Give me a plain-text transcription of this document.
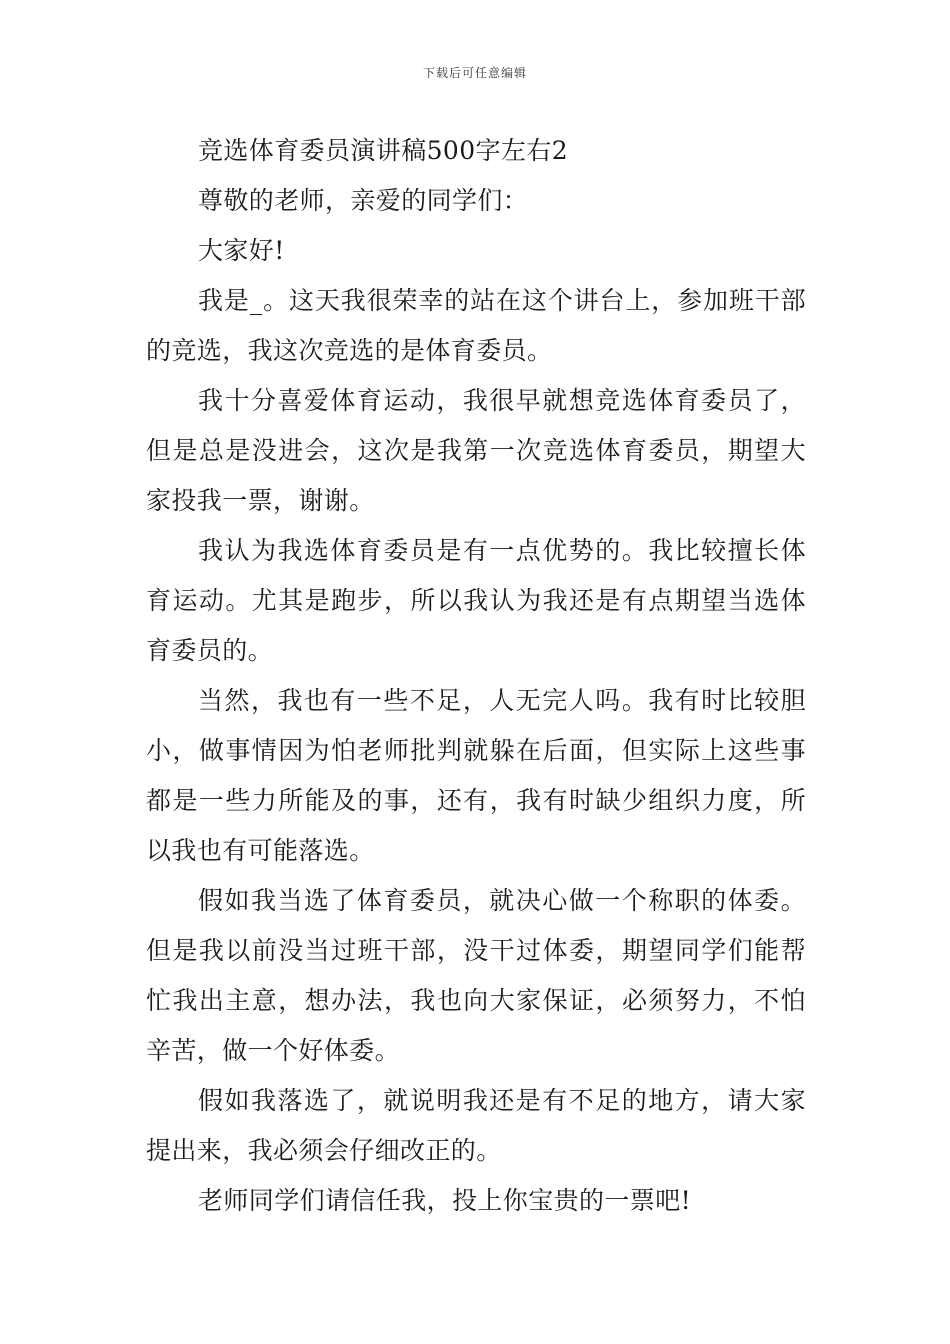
下载后可任意编辑

竞选体育委员演讲稿500字左右2

尊敬的老师，亲爱的同学们：

大家好!

我是_。这天我很荣幸的站在这个讲台上，参加班干部的竞选，我这次竞选的是体育委员。

我十分喜爱体育运动，我很早就想竞选体育委员了，但是总是没进会，这次是我第一次竞选体育委员，期望大家投我一票，谢谢。

我认为我选体育委员是有一点优势的。我比较擅长体育运动。尤其是跑步，所以我认为我还是有点期望当选体育委员的。

当然，我也有一些不足，人无完人吗。我有时比较胆小，做事情因为怕老师批判就躲在后面，但实际上这些事都是一些力所能及的事，还有，我有时缺少组织力度，所以我也有可能落选。

假如我当选了体育委员，就决心做一个称职的体委。但是我以前没当过班干部，没干过体委，期望同学们能帮忙我出主意，想办法，我也向大家保证，必须努力，不怕辛苦，做一个好体委。

假如我落选了，就说明我还是有不足的地方，请大家提出来，我必须会仔细改正的。

老师同学们请信任我，投上你宝贵的一票吧!
